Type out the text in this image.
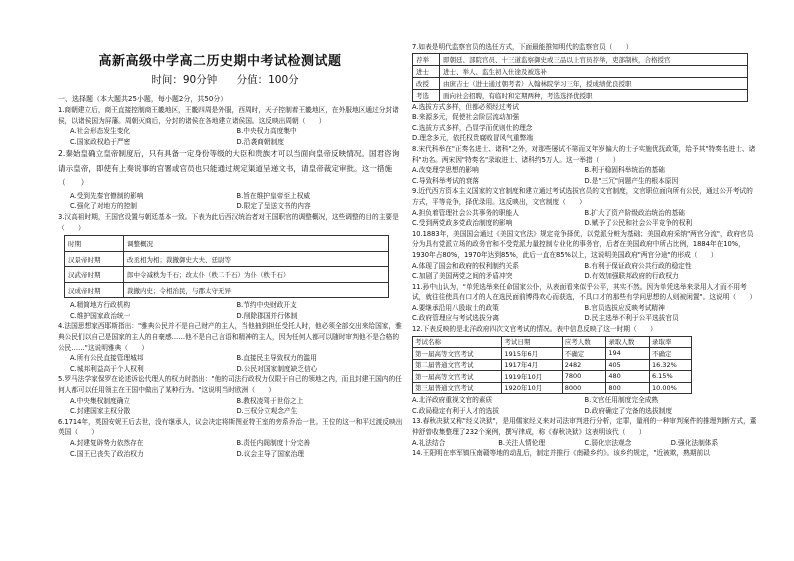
高新高级中学高二历史期中考试检测试题
时间：90分钟 分值：100分

一、选择题（本大题共25小题，每小题2分，共50分）

1.商朝建立后，商王直接控制商王畿地区，王畿四周是外服，西周时，天子控制着王畿地区，在外服地区通过分封诸侯，以诸侯国为屏藩。周朝灭商后，分封的诸侯在各地建立诸侯国。这反映出周朝（　　）

A.社会形态发生变化	B.中央权力高度集中
C.国家政权趋于严密	D.沿袭商朝制度

2.秦始皇确立皇帝制度后，只有具备一定身份等级的大臣和贵族才可以当面向皇帝反映情况。国君咨询请示皇帝，即使有上奏说事的官署或官员也只能通过规定渠道呈递文书，请皇帝裁定审批。这一措施（　　）

A.受到先秦官僚制的影响	B.旨在维护皇帝至上权威
C.强化了对地方的控制	D.限定了呈送文书的内容

3.汉高祖时期，王国官设置与朝廷基本一致。下表为此后西汉统治者对王国职官的调整概况，这些调整的目的主要是（　　）

时期	调整概况
汉景帝时期	改丞相为相；裁撤御史大夫、廷尉等
汉武帝时期	郎中令减秩为千石；改太仆（秩二千石）为仆（秩千石）
汉成帝时期	裁撤内史；令相治民，与郡太守无异
A.精简地方行政机构	B.节约中央财政开支
C.维护国家政治统一	D.削除郡国并行体制

4.法国思想家西耶斯指出："雅典公民并不是自己财产的主人，当他抽到担任受托人时，他必须全部交出来给国家，雅典公民们以自己是国家的主人的自豪感……他不是自己言语和精神的主人，因为任何人都可以随时审判他不是合格的公民……"这说明雅典（　　）

A.所有公民直接管理城邦	B.直接民主导致权力的滥用
C.城邦利益高于个人权利	D.公民对国家制度缺乏信心

5.罗马法学家保罗在论述诉讼代理人的权力时指出："他的司法行政权力仅限于自己的领地之内，而且封建王国内的任何人都可以任用领主在王国中做出了某种行为。"这说明当时欧洲（　　）

A.中央集权制度确立	B.教权凌驾于世俗之上
C.封建国家主权分散	D.三权分立观念产生

6.1714年，英国安妮王后去世，没有继承人，议会决定将斯图亚特王室的旁系乔治一世。王位的这一和平过渡反映出英国（　　）

A.封建复辟势力依然存在	B.责任内阁制度十分完善
C.国王已丧失了政治权力	D.议会主导了国家治理

7.如表是明代监察官员的选任方式，下面最能推知明代的监察官员（　　）

荐举	即朝廷、部院官员、十三道监察御史或三品以上官员荐举，吏部制核，合格授官
进士	进士、举人、监生初入仕途及被选补
改授	由庶吉士（进士通过朝考者）入翰林院学习三年，授成绩优良授职
考选	面向社会招聘，有临时和定期两种，考选选择优授职
A.选拔方式多样，但都必须经过考试
B.来源多元，促使社会阶层流动加强
C.选拔方式多样，凸显学而优则仕的理念
D.理念多元，依托权贵腐败冒风气重弊端

8.宋代科举在"正奏名进士、诸科"之外，对那些屡试不第而又年岁偏大的士子实施优抚政策，给予其"特奏名进士、诸科"功名。两宋因"特奏名"录取进士、诸科约5万人。这一举措（　　）

A.改变理学思想的影响	B.利于稳固科举统治的基础
C.导致科举考试的衰落	D.是"三冗"问题产生的根本原因

9.近代西方资本主义国家的文官制度和建立通过考试选拔官员的文官制度，文官职位面向所有公民，通过公开考试的方式，平等竞争，择优录用。这反映出，文官制度（　　）

A.担负着管理社会公共事务的职能人	B.扩大了资产阶级政治统治的基础
C.受到两党政多党政治制度的影响	D.赋予了公民和社会公平竞争的权利

10.1883年，美国国会通过《美国文官法》规定竞争择优，以党派分赃为基础；美国政府采纳"两官分流"，政府官员分为具有党派立场的政务官和不受党派力量控制专业化的事务官，后者在美国政府中所占比例，1884年在10%，1930年占80%，1970年达到85%，此后一直在85%以上，这说明美国政府"两官分途"的形成（　　）

A.体现了国会和政府的权利制约关系	B.有利于保证政府公共行政的稳定性
C.加剧了美国两党之间的矛盾冲突	D.有效加强联邦政府的行政权力

11.孙中山认为，"单凭选举来任命国家公仆，从表面看来似乎公平，其实不然。因为单凭选举来录用人才而不用考试，就往往使具有口才的人在选民面前博得欢心而获选，不具口才的那些有学问思想的人则被闲置"。这说明（　　）

A.要继承沿用八股取士的政策	B.官员选拔应反映考试精神
C.政府管理应与考试选拔分离	D.民主选举不利于公平选拔官员

12.下表反映的是北洋政府四次文官考试的情况。表中信息反映了这一时期（　　）

考试名称	考试日期	应考人数	录取人数	录取率
第一届高等文官考试	1915年6月	不确定	194	不确定
第二届普通文官考试	1917年4月	2482	405	16.32%
第一届高等文官考试	1919年10月	7800	480	6.15%
第三届普通文官考试	1920年10月	8000	800	10.00%
A.北洋政府重视文官的素质	B.文官任用制度完全成熟
C.政局稳定有利于人才的选拔	D.政府确定了完备的选拔制度

13.春秋决狱又称"经义决狱"，是用儒家经义来对司法审判进行分析，定罪，量刑的一种审判案件的推理判断方式，董仲舒曾收集整理了232个案例，撰写律成，称《春秋决狱》这表明该代（　　）

A.礼法结合	B.关注人情伦理	C.弱化宗法观念	D.强化法制体系

14.王阳明在率军镇压南赣等地的动乱后，制定并推行《南赣乡约》。该乡约规定，"近被欺，熟期前以
